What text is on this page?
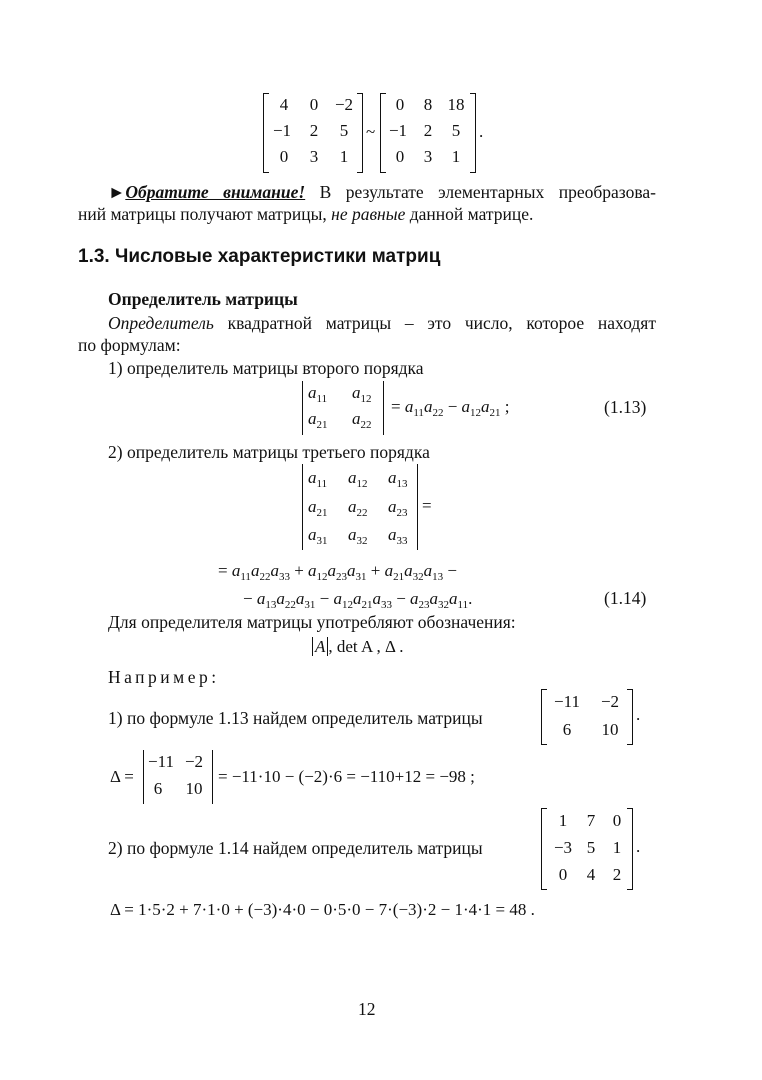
4	0 −2
−1	2	5
0	3	1
~
0	8 18
−1 2	5
0	3	1
.
►Обратите внимание! В результате элементарных преобразова-
ний матрицы получают матрицы, не равные данной матрице.
1.3. Числовые характеристики матриц
Определитель матрицы
Определитель квадратной матрицы – это число, которое находят
по формулам:
1) определитель матрицы второго порядка
$a_{11}$ $a_{12}$
$a_{21}$ $a_{22}$
= $a_{11}a_{22} - a_{12}a_{21}$ ;	(1.13)
2) определитель матрицы третьего порядка
$a_{11}$ $a_{12}$ $a_{13}$
$a_{21}$ $a_{22}$ $a_{23}$
$a_{31}$ $a_{32}$ $a_{33}$
=
= $a_{11}a_{22}a_{33} + a_{12}a_{23}a_{31} + a_{21}a_{32}a_{13}$ −
− $a_{13}a_{22}a_{31} - a_{12}a_{21}a_{33} - a_{23}a_{32}a_{11}$.	(1.14)
Для определителя матрицы употребляют обозначения:
A , det A , Δ .
Например:
1) по формуле 1.13 найдем определитель матрицы
−11	−2
6	10
.
Δ =
−11 −2
6	10
= −11·10 − (−2)·6 = −110+12 = −98 ;
2) по формуле 1.14 найдем определитель матрицы
1	7	0
−3 5	1
0	4	2
.
Δ = 1·5·2 + 7·1·0 + (−3)·4·0 − 0·5·0 − 7·(−3)·2 − 1·4·1 = 48 .
12
